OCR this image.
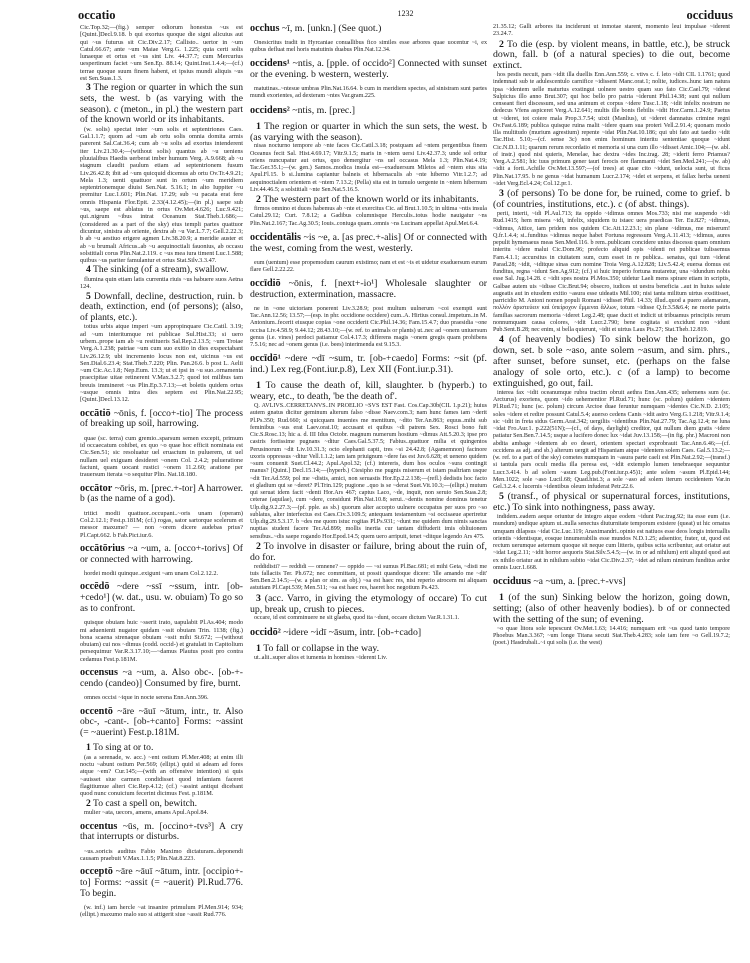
occatio	1232	occiduus
Cic.Top.32;—(fig.) semper odiorum honestus ~us est [Quint.]Decl.9.18. b qui exortus quoque die signi alicuius aut qui ~us futurus sit Cic.Div.2.17; Callisto.. uertor in ~um Catul.66.67; ante ~um Maiae Verg.G. 1.225; quia certi solis lunaeque et ortus et ~us sint Liv. 44.37.7; cum Mercurius uespertinum faciet ~um Sen.Ep. 88.14; Quint.Inst.1.4.4;—(cf.) terrae quoque suum finem habent, et ipsius mundi aliquis ~us est Sen.Suas.1.3.
3 The region or quarter in which the sun sets, the west. b (as varying with the season). c (meton., in pl.) the western part of the known world or its inhabitants.
(w. solis) spectat inter ~um solis et septentriones Caes. Gal.1.1.7; quom ad ~um ab ortu solis omnia domita armis parerent Sal.Cat.36.4; cum ab ~u solis ad exortus intenderent iter Liv.21.30.4;—(without solis) quantus ab ~u ueniens pluuialibus Haedis uerberat imber humum Verg. A.9.668; ab ~u stagnum claudit paulum etiam ad septentrionem fusum Liv.26.42.8; ibit ad ~um quicquid dicemus ab ortu Ov.Tr.4.9.21; Mela 1.3; uenti quattuor sunt in ortum ~um meridiem septentrionemque diuisi Sen.Nat. 5.16.1; in alto Iuppiter ~u premitur Luc.1.601; Plin.Nat. 17.29; sub ~u pacata erat fere omnis Hispania Flor.Epit. 2.33(4.12.45);—(in pl.) saepe sub ~us, saepe est ablatus in ortus Ov.Met.4.626; Luc.9.421; qui..nigrum ~ibus intrat Oceanum Stat.Theb.1.686;—(considered as a part of the sky) eius templi partes quattuor dicuntur, sinistra ab oriente, dextra ab ~u Var.L.7.7; Gell.2.22.3; b ab ~u aestiuo erigere agmen Liv.38.20.9; a meridie auster et ab ~u brumali Africus..ab ~u aequinoctiali fauonius, ab occasu solstitiali corus Plin.Nat.2.119. c ~us mea iura timent Luc.1.588; quibus ~us pariter famulantur et ortus Stat.Silv.3.3.47.
4 The sinking (of a stream), swallow.
flumina quin etiam latis currentia riuis ~us habuere suos Aetna 124.
5 Downfall, decline, destruction, ruin. b death, extinction, end (of persons); (also, of plants, etc.).
totius urbis atque imperi ~um appropinquare Cic.Catil. 3.19; ad ~um interitumque rei publicae Sul.Hist.33; si uero urbem..prope iam ab ~u restitueris Sal.Rep.2.13.5; ~um Troiae Verg.A.1.238; patriae ~um cum suo exitio in dies exspectabant Liv.26.12.9; ubi incremento locus non est, uicinus ~us est Sen.Dial.6.23.4; Stat.Theb.7.220; Plin. Pan.26.6. b post L. Aelii ~um Cic.Ac.1.8; Nep.Eum. 13.3; ut et ipsi in ~u suo..ornamenta praecipitae uitae retinerent V.Max.3.2.7; quod tot milibus tam breuis immineret ~us Plin.Ep.3.7.13;—et boletis quidem ortus ~usque omnis intra dies septem est Plin.Nat.22.95; [Quint.]Decl.13.12.
occātiō ~ōnis, f. [occo+-tio] The process of breaking up soil, harrowing.
quae (sc. terra) cum gremio..sparsum semen excepit, primum id occaecatum cohibet, ex quo ~o quae hoc efficit nominata est Cic.Sen.51; sic resoluatur uel eruactum in puluerem, ut uel nullam uel exiguam desideret ~onem Col. 2.4.2; pulueratione faciunt, quam uocant rustici ~onem 11.2.60; aratione per trauersum iterata ~o sequitur Plin. Nat.18.180.
occātor ~ōris, m. [prec.+-tor] A harrower. b (as the name of a god).
tritici modii quattuor..occupant..~oris unam (operam) Col.2.12.1; Fest.p.181M; (cf.) rogas, sator sartorque scelerum et messor maxume? — non ~orem dicere audebas prius? Pl.Capt.662. b Fab.Pict.iur.6.
occātōrius ~a ~um, a. [occo+-torivs] Of or connected with harrowing.
hordei modii quinque..exigunt ~am unam Col.2.12.2.
occēdō ~dere ~ssī ~ssum, intr. [ob-+cedo¹] (w. dat., usu. w. obuiam) To go so as to confront.
quisque obuiam huic ~sserit irato, uapulabit Pl.As.404; modo mi aduenienti nugator quidam ~ssit obuiam Trin. 1138; (fig.) bona scaena strenaque obuiam ~ssit mihi St.672; —(without obuiam) cui nos ~dimus (codd. occid-) et gratulati in Capitolium persequimur Var.R.3.17.10;—~damus Plautus posit pro contra cedamus Fest.p.181M.
occensus ~a ~um, a. Also obc-. [ob-+-cendo (candeo)] Consumed by fire, burnt.
omnes occisi ~ique in nocte serena Enn.Ann.396.
occentō ~āre ~āuī ~ātum, intr., tr. Also obc-, -cant-. [ob-+canto] Forms: ~assint (= ~auerint) Fest.p.181M.
1 To sing at or to.
(as a serenade, w. acc.) ~ent ostium Pl.Mer.408; at enim illi noctu ~abunt ostium Per.569; (ellipt.) quid si adeam ad fores atque ~em? Cur.145;—(with an offensive intention) si quis ~auisset siue carmen condidisset quod infamiam faceret flagitiumue alteri Cic.Rep.4.12; (cf.) ~assint antiqui dicebant quod nunc conuicium fecerint dicimus Fest. p.181M.
2 To cast a spell on, bewitch.
mulier ~ata, uecors, amens, amans Apul.Apol.84.
occentus ~ūs, m. [occino+-tvs³] A cry that interrupts or disturbs.
~us..soricis auditus Fabio Maximo dictaturam..deponendi causam praebuit V.Max.1.1.5; Plin.Nat.8.223.
occeptō ~āre ~āuī ~ātum, intr. [occipio+-to] Forms: ~assit (= ~auerit) Pl.Rud.776. To begin.
(w. inf.) iam hercle ~at insanire primulum Pl.Men.914; 934; (ellipt.) maxumo malo suo si attigerit siue ~assit Rud.776.
occhus ~ī, m. [unkn.] (See quot.)
Onesicritus tradit in Hyrcaniae conuallibus fico similes esse arbores quae uocentur ~i, ex quibus defluat mel horis matutinis duabus Plin.Nat.12.34.
occidens¹ ~ntis, a. [pple. of occido²] Connected with sunset or the evening. b western, westerly.
matutinas..~ntesue umbras Plin.Nat.16.64. b cum in meridiem spectes, ad sinistram sunt partes mundi exorientes, ad dexteram ~ntes Var.gram.225.
occidens² ~ntis, m. [prec.]
1 The region or quarter in which the sun sets, the west. b (as varying with the season).
nisas nocturno tempore ab ~nte faces Cic.Catil.3.18; postquam ad ~ntem pergentibus finem Oceanus fecit Sal. Hist.4.69.17; Vitr.9.1.5; maris in ~ntem uersi Liv.42.37.3; unde sol oritur oriens nuncupatur aut ortus, quo demergitur ~ns uel occasus Mela 1.3; Plin.Nat.4.19; Tac.Ger.35.1;—(w. gen.) Samos..modica insula est—exaduersum Miletos ad ~ntem eius sita Apul.Fl.15. b si..lumina capiantur balneis et hibernaculis ab ~nte hiberno Vitr.1.2.7; ad aequinoctialem orientem et ~ntem 7.13.2; (Pella) sita est in tumulo uergente in ~ntem hibernum Liv.44.46.5; a solstitiali ~nte Sen.Nat.5.16.5.
2 The western part of the known world or its inhabitants.
firmos omnino et duces habemus ab ~nte et exercitus Cic. ad Brut.1.10.5; in ultima ~ntis insula Catul.29.12; Curt. 7.8.12; a Gadibus columnisque Herculis..totus hodie nauigatur ~ns Plin.Nat.2.167; Tac.Ag.30.5; Iouis..coniuga quam..omnis ~ns Lucinam appellat Apul.Met.6.4.
occidentālis ~is ~e, a. [as prec.+-alis] Of or connected with the west, coming from the west, westerly.
eum (uentum) esse propemodum caurum existimo; nam et est ~is et uidetur exaduersum eurum flare Gell.2.22.22.
occīdiō ~ōnis, f. [next+-io¹] Wholesale slaughter or destruction, extermination, massacre.
ne in ~one uictoriam ponerent Liv.3.28.9; post multum uulnerum ~coi exempti sunt Tac.Ann.12.56; 13.57;—(esp. in phr. occidione occidere) cum..A. Hirtius consul..impetum..in M. Antonium..fecerit eiusque copias ~one occiderit Cic.Phil.14.36; Fam.15.4.7; duo praesidia ~one occisa Liv.4.58.9; 9.44.12; 28.43.10;—(w. ref. to animals or plants) ut..nec ad ~onem uniuersum genus (i.e. vines) perdoci patiamur Col.4.17.3; differens magis ~onem gregis quam prohibens 7.5.16; nec ad ~onem genus (i.e. bees) interimenda est 9.15.3.
occīdō¹ ~dere ~dī ~sum, tr. [ob-+caedo] Forms: ~sit (pf. ind.) Lex reg.(Font.iur.p.8), Lex XII (Font.iur.p.31).
1 To cause the death of, kill, slaughter. b (hyperb.) to weary, etc., to death, 'be the death of'.
Q. AVLIVS..CERRETANVS..IN PROELIO ~SVS EST Fast. Cos.Cap.30b(CIL 1.p.21); huius autem gnatus dicitur geminum alterum falso ~disse Naev.com.3; nam hunc fames iam ~derit Pl.Ps.350; Rud.660; si quicquam inuenies me mentitum, ~dito Ter.An.863; equus..mihi sub feminibus ~sus erat Laev.orat.10; accusant ei quibus ~di patrem Sex. Rosci bono fuit Cic.S.Rosc.13; hic a. d. III Idus Octobr. magnum numerum hostium ~dimus Att.5.20.3; ipse pro castris fortissime pugnans ~ditur Caes.Gal.5.37.5; Fabius..quattuor milia et quingentos Perusinorum ~dit Liv.10.31.3; octo elephanti capti, tres ~si 24.42.8; (Agamemnon) facinore uxoris oppressus ~ditur Vell.1.1.2; iam iam priuignum ~dere fas est Juv.6.628; et ueneno quidem ~sum conuenit Suet.Cl.44.2; Apul.Apol.32; (cf.) intereris, dum hos oculos ~sura contingit manus? [Quint.] Decl.15.14;—(hyperb.) Ctesipho me pugnis miserum et istam psaltriam usque ~dit Ter.Ad.559; pol me ~distis, amici, non seruastis Hor.Ep.2.2.138;—(refl.) dedistis hoc facto ei gladium qui se ~deret? Pl.Trin.129; pugione ..quo is se ~derat Suet.Vit.10.3;—(ellipt.) mutum qui seruat idem facit ~denti Hor.Ars 467; captus Laco, ~de, inquit, non seruio Sen.Suas.2.8; ceterae (aquilae), cum ~dere, considunt Plin.Nat.10.8; serui..~dentis nomine dominus tenetur Ulp.dig.9.2.27.3;—(pf. pple. as sb.) quorum alter accepto uulnere occupatus per suos pro ~so sublatus, alter interfectus est Caes.Civ.3.109.5; antequam testamentum ~si occisaeue aperiretur Ulp.dig.29.5.3.17. b ~des me quom istuc rogitas Pl.Ps.931; ~dunt me quidem dum nimis sanctas nuptias student facere Ter.Ad.899; mollis inertia cur tantam diffuderit imis obliuionem sensibus..~dis saepe rogando Hor.Epod.14.5; quem uero arripuit, tenet ~ditque legendo Ars 475.
2 To involve in disaster or failure, bring about the ruin of, do for.
reddidisti? — reddidi — omnene? — oppido — ~si sumus Pl.Bac.681; ei mihi Geta, ~disti me tuis fallaciis Ter. Ph.672; nec committam, ut possit quandoque dicere: 'ille amando me ~dit' Sen.Ben.2.14.5;—(w. a plan or sim. as obj.) ~sa est haec res, nisi reperio atrocem mi aliquam astutiam Pl.Capt.539; Men.511; ~sa est haec res, haeret hoc negotium Ps.423.
3 (acc. Varro, in giving the etymology of occare) To cut up, break up, crush to pieces.
occare, id est comminuere ne sit glaeba, quod ita ~dunt, occare dictum Var.R.1.31.1.
occidō² ~idere ~idī ~āsum, intr. [ob-+cado]
1 To fall or collapse in the way.
ut..alii..super alios et iumenta in homines ~iderent Liv.
21.35.12; Galli arbores ita inciderunt ut inmotae starent, momento leui impulsae ~iderent 23.24.7.
2 To die (esp. by violent means, in battle, etc.), be struck down, fall. b (of a natural species) to die out, become extinct.
hos pestis necuit, pars ~idit illa duellis Enn.Ann.559; c. vtivs c. f. leto ~idit CIL 1.1761; quod indemnati sub te adulescentulo carnifice ~idissent Manc.orat.1; nolite, iudices..hunc iam natura ipsa ~identem uelle maturius exstingui uolnere uestro quam suo fato Cic.Cael.79; ~iderat Sulpicius illo anno Brut.307; qui hoc bello pro patria ~iderunt Phil.14.38; sunt qui nullum censeant fieri discessum, sed una animum et corpus ~idere Tusc.1.18; ~idit infelix nostrum ne dedecus Vfens aspiceret Verg.A.12.641; multis ille bonis flebilis ~idit Hor.Carm.1.24.9; Paetus ut ~ideret, tot coiere mala Prop.3.7.54; uixit (Manlius), ut ~ideret damnatus crimine regni Ov.Fast.6.189; publica quisque ruina malit ~idere quam sua proteri Vell.2.91.4; quonam modo illa multitudo (murium agrestium) repente ~idat Plin.Nat.10.186; qui ubi fato aut taedio ~idit Tac.Hist. 5.10;—(cf. sense 3c) non enim hominum interitu sententiae quoque ~idunt Cic.N.D.1.11; quarum rerum recordatio et memoria si una cum illo ~idisset Amic.104;—(w. abl. of instr.) quod nisi quieris, Menelae, hac dextra ~ides Inc.trag. 28; ~iderit ferro Priamus? Verg.A.2.581; hic tuus primum gener tauri ferocis ore flammanti ~idet Sen.Med.241;—(w. ab) ~idit a forti..Achille Ov.Met.13.597;—(of trees) at quae cito ~idunt, uelocia sunt, ut ficus Plin.Nat.17.95. b ne genus ~idat humanum Lucr.2.174; ~idet et serpens, et fallax herba ueneni ~idet Verg.Ecl.4.24; Col.12.pr.1.
3 (of persons) To be done for, be ruined, come to grief. b (of countries, institutions, etc.). c (of abst. things).
perii, interii, ~idi Pl.Aul.713; ita oppido ~idimus omnes Mos.733; nisi me suspendo ~idi Rud.1415; hem misera ~idi, infelix, siquidem tu istaec uera praedicas Ter. Eu.827; ~idimus, ~idimus, Attice, iam pridem nos quidem Cic.Att.12.23.1; sin plane ~idimus, me miserum! Q.fr.1.4.4; si..funditus ~idimus neque habet Fortuna regressum Verg.A.11.413; ~idimus, aures pepulit hymenaeus meas Sen.Med.116. b rem..publicam concidere unius discessu quam omnium interitu ~idere malui Cic.Dom.96; profecto aliquid opis ~identi rei publicae tulissemus Fam.4.1.1; accursitus in ciuitatem sum, cum esset in re publica.. senatus, qui tum ~iderat Parad.28; ~idit, ~iditque sinas cum nomine Troia Verg.A.12.828; Liv.5.42.4; euersa domus est funditus, regna ~idunt Sen.Ag.912; (cf.) si huic imperio fortuna mutaretur, una ~idundum nobis esse Sal. Jug.14.28. c ~idit spes nostra Pl.Mos.350; uidetur Laeli mens spirare etiam in scriptis, Galbae autem uis ~idisse Cic.Brut.94; obsecro, iudices ut uestra beneficia ..aut in huius salute augeatis aut in eiusdem exitio ~asura esse uideatis Mil.100; nisi tanta militum uirtus exstitisset, parricidio M. Antoni nomen populi Romani ~idisset Phil. 14.33; illud..quod a puero adamaram, πολλὸν ἀριστεύειν καὶ ὑπείροχον ἔμμεναι ἄλλων, totum ~idisse Q.fr.3.5&6.4; ne morte patris familias sacrorum memoria ~ideret Leg.2.48; quae ducit et indicit ut tribuamus principiis rerum nonnumquam causa colores, ~idit Lucr.2.790; bene cogitata si excidunt non ~idunt Pub.Sent.B.28; nec enim, si bella quierunt, ~idit et uirtus Laus Pis.27; Stat.Theb.12.819.
4 (of heavenly bodies) To sink below the horizon, go down, set. b sole ~aso, ante solem ~asum, and sim. phrs., after sunset, before sunset, etc. (perhaps on the false analogy of sole orto, etc.). c (of a lamp) to become extinguished, go out, fail.
interea fax ~idit oceanumque rubra tractim obruit aethra Enn.Ann.435; uehemens sum (sc. Arcturus) exoriens, quom ~ido uehementior Pl.Rud.71; hunc (sc. polum) quidem ~identem Pl.Rud.71; hunc (sc. polum) circum Arctoe duae feruntur numquam ~identes Cic.N.D. 2.105; soles ~idere et redire possunt Catul.5.4; auerso cedens Canis ~idit astro Verg.G.1.218; Vitr.9.1.4; sic ~idit in freta sidus Germ.Arat.342; uergiliis ~identibus Plin.Nat.27.79; Tac.Ag.12.4; ne luna ~idat Fro.Aur.1. p.222(51N);—(cf., of days, daylight) creditor, qui nullum diem gratis ~idere patiatur Sen.Ben.7.14.5; usque a lucifero donec lux ~idat Juv.13.158;—(in fig. phr.) Macroni non abdita ambage ~identem ab eo deseri, orientem spectari exprobrauit Tac.Ann.6.46;—(cf. occidens as adj. and sb.) alterum uergit ad Hispaniam atque ~identem solem Caes. Gal.5.13.2;—(w. ref. to a part of the sky) cometes numquam in ~asura parte caeli est Plin.Nat.2.92;—(transf.) si tantula pars oculi media illa peresa est, ~idit extemplo lumen tenebraeque sequuntur Lucr.3.414. b ad solem ~asum Leg.pub.(Font.iur.p.45)1; ante solem ~asum Pl.Epid.144; Men.1022; sole ~aso Lucil.68; Quad.hist.3; a sole ~aso ad solem iterum occidentem Var.in Gel.3.2.4. c lucernis ~identibus oleum infuderat Petr.22.6.
5 (transf., of physical or supernatural forces, institutions, etc.) To sink into nothingness, pass away.
indidem..eadem aeque oriuntur de integro atque eodem ~idunt Pac.trag.92; ita esse eum (i.e. mundum) undique aptum ut..nulla senectus diuturnitate temporum existere (queat) ut hic ornatus umquam dilapsus ~idat Cic.Luc.119; Anaximandri..opinio est natiuos esse deos longis interuallis orientis ~identisque, eosque innumerabilis esse mundos N.D.1.25; adsentior, frater, ut, quod est rectum uerumque aeternum quoque sit neque cum litteris, quibus scita scribuntur, aut oriatur aut ~idat Leg.2.11; ~idit horror aequoris Stat.Silv.5.4.5;—(w. in or ad nihilum) erit aliquid quod aut ex nihilo oriatur aut in nihilum subito ~idat Cic.Div.2.37; ~idet ad nilum nimirum funditus ardor omnis Lucr.1.668.
occiduus ~a ~um, a. [prec.+-vvs]
1 (of the sun) Sinking below the horizon, going down, setting; (also of other heavenly bodies). b of or connected with the setting of the sun; of evening.
~o quae litora sole tepescunt Ov.Met.1.63; 14.416; numquam erit ~us quod tanto tempore Phoebus Man.3.367; ~um longe Titana secuti Stat.Theb.4.283; sole iam fere ~o Gell.19.7.2; (poet.) Hasdrubali..~i qui solis (i.e. the west)
